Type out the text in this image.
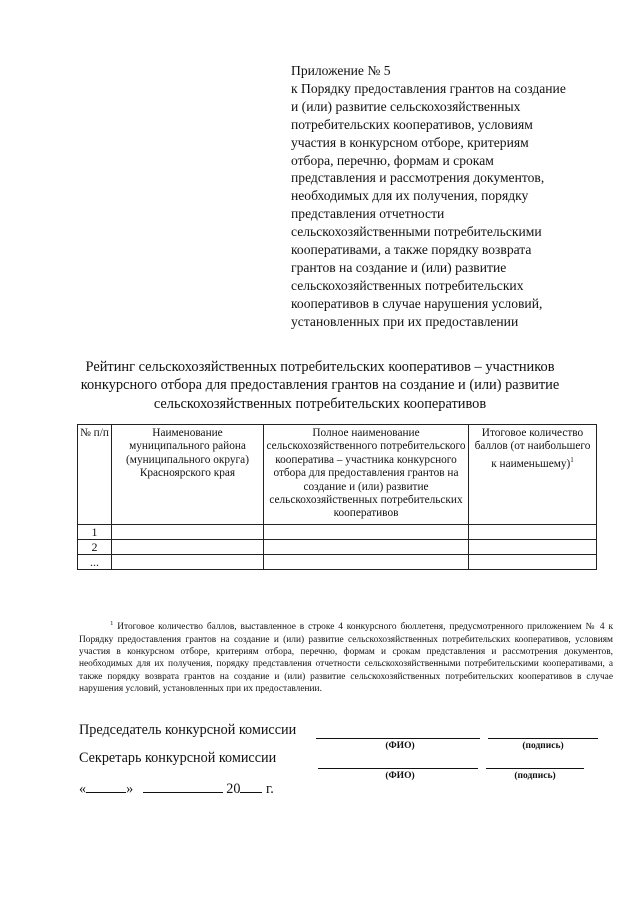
Приложение № 5
к Порядку предоставления грантов на создание
и (или) развитие сельскохозяйственных
потребительских кооперативов, условиям
участия в конкурсном отборе, критериям
отбора, перечню, формам и срокам
представления и рассмотрения документов,
необходимых для их получения, порядку
представления отчетности
сельскохозяйственными потребительскими
кооперативами, а также порядку возврата
грантов на создание и (или) развитие
сельскохозяйственных потребительских
кооперативов в случае нарушения условий,
установленных при их предоставлении
Рейтинг сельскохозяйственных потребительских кооперативов – участников
конкурсного отбора для предоставления грантов на создание и (или) развитие
сельскохозяйственных потребительских кооперативов
№ п/п	Наименование муниципального района (муниципального округа) Красноярского края	Полное наименование сельскохозяйственного потребительского кооператива – участника конкурсного отбора для предоставления грантов на создание и (или) развитие сельскохозяйственных потребительских кооперативов	Итоговое количество баллов (от наибольшего к наименьшему)$^1$
1			
2			
...			
$^1$ Итоговое количество баллов, выставленное в строке 4 конкурсного бюллетеня, предусмотренного приложением № 4 к Порядку предоставления грантов на создание и (или) развитие сельскохозяйственных потребительских кооперативов, условиям участия в конкурсном отборе, критериям отбора, перечню, формам и срокам представления и рассмотрения документов, необходимых для их получения, порядку представления отчетности сельскохозяйственными потребительскими кооперативами, а также порядку возврата грантов на создание и (или) развитие сельскохозяйственных потребительских кооперативов в случае нарушения условий, установленных при их предоставлении.
Председатель конкурсной комиссии
(ФИО)	(подпись)
Секретарь конкурсной комиссии
(ФИО)	(подпись)
«	»	20 г.
